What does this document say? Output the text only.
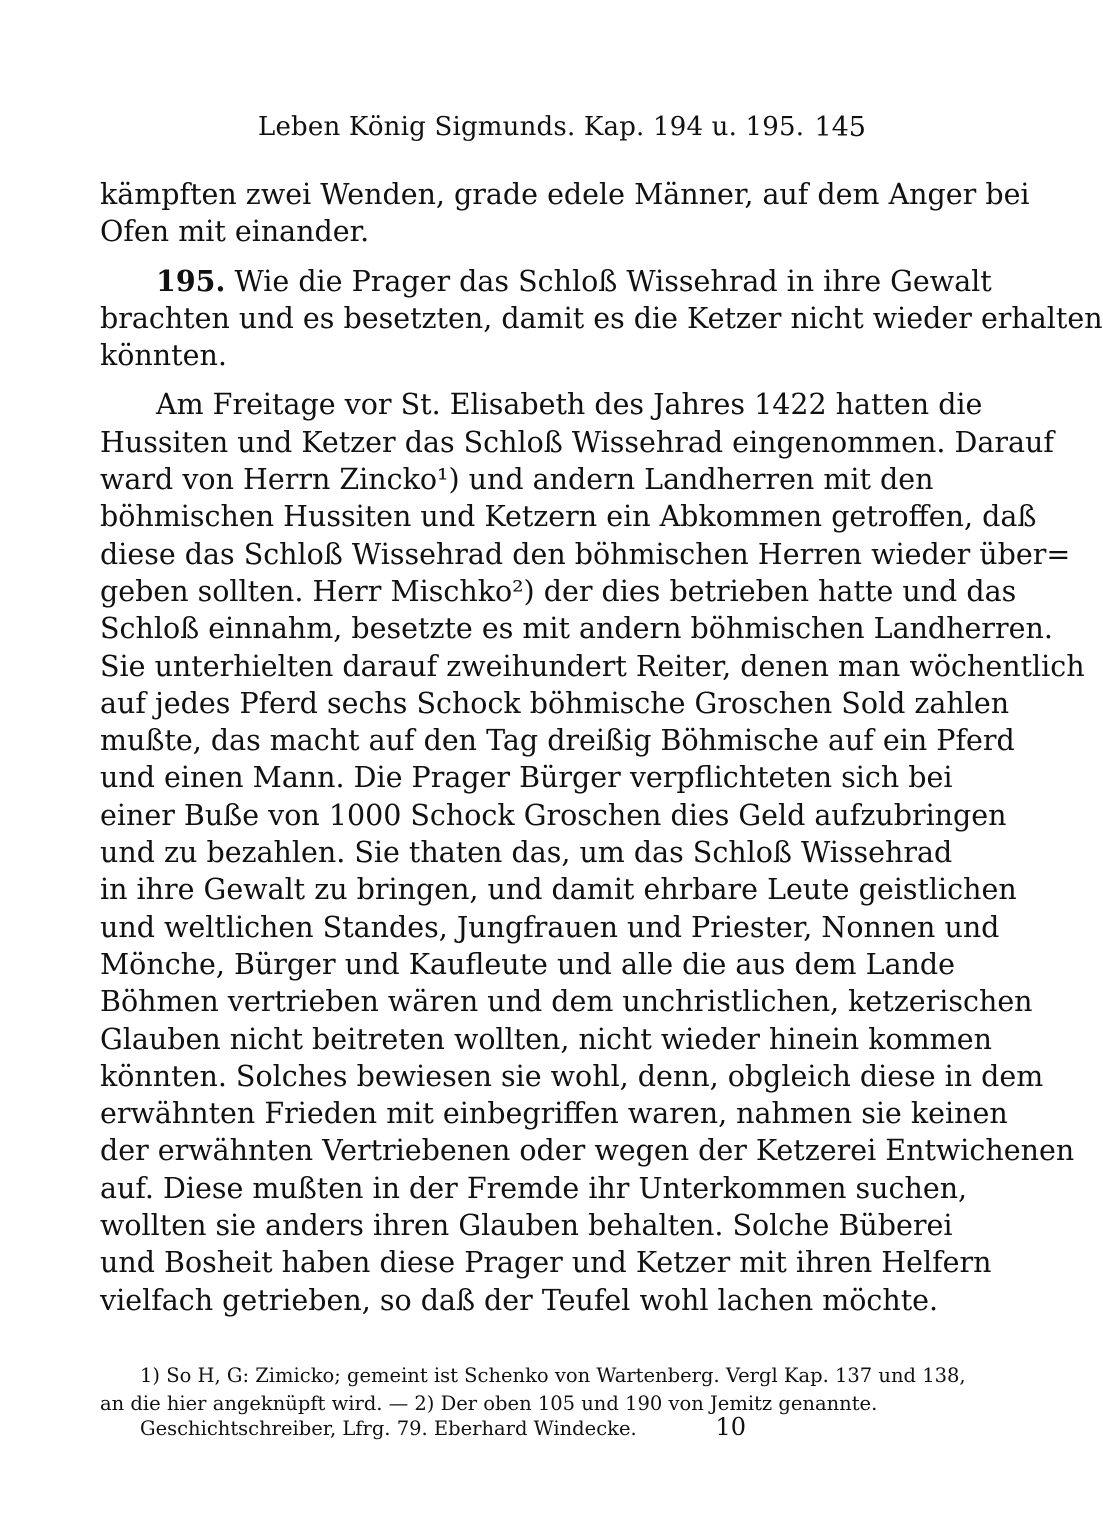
Leben König Sigmunds. Kap. 194 u. 195. 145
kämpften zwei Wenden, grade edele Männer, auf dem Anger bei
Ofen mit einander.
195. Wie die Prager das Schloß Wissehrad in ihre Gewalt
brachten und es besetzten, damit es die Ketzer nicht wieder erhalten
könnten.
Am Freitage vor St. Elisabeth des Jahres 1422 hatten die
Hussiten und Ketzer das Schloß Wissehrad eingenommen. Darauf
ward von Herrn Zincko¹) und andern Landherren mit den
böhmischen Hussiten und Ketzern ein Abkommen getroffen, daß
diese das Schloß Wissehrad den böhmischen Herren wieder über=
geben sollten. Herr Mischko²) der dies betrieben hatte und das
Schloß einnahm, besetzte es mit andern böhmischen Landherren.
Sie unterhielten darauf zweihundert Reiter, denen man wöchentlich
auf jedes Pferd sechs Schock böhmische Groschen Sold zahlen
mußte, das macht auf den Tag dreißig Böhmische auf ein Pferd
und einen Mann. Die Prager Bürger verpflichteten sich bei
einer Buße von 1000 Schock Groschen dies Geld aufzubringen
und zu bezahlen. Sie thaten das, um das Schloß Wissehrad
in ihre Gewalt zu bringen, und damit ehrbare Leute geistlichen
und weltlichen Standes, Jungfrauen und Priester, Nonnen und
Mönche, Bürger und Kaufleute und alle die aus dem Lande
Böhmen vertrieben wären und dem unchristlichen, ketzerischen
Glauben nicht beitreten wollten, nicht wieder hinein kommen
könnten. Solches bewiesen sie wohl, denn, obgleich diese in dem
erwähnten Frieden mit einbegriffen waren, nahmen sie keinen
der erwähnten Vertriebenen oder wegen der Ketzerei Entwichenen
auf. Diese mußten in der Fremde ihr Unterkommen suchen,
wollten sie anders ihren Glauben behalten. Solche Büberei
und Bosheit haben diese Prager und Ketzer mit ihren Helfern
vielfach getrieben, so daß der Teufel wohl lachen möchte.
1) So H, G: Zimicko; gemeint ist Schenko von Wartenberg. Vergl Kap. 137 und 138,
an die hier angeknüpft wird. — 2) Der oben 105 und 190 von Jemitz genannte.
Geschichtschreiber, Lfrg. 79. Eberhard Windecke.	10
